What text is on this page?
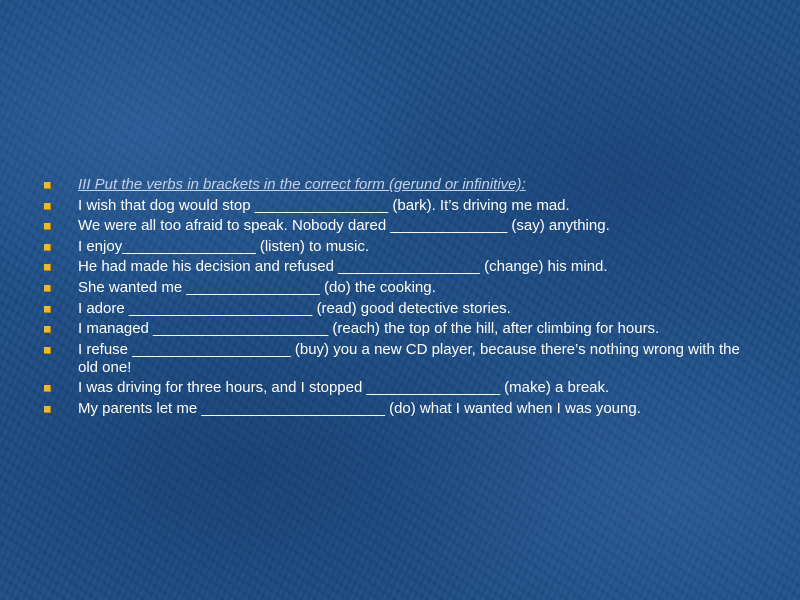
III Put the verbs in brackets in the correct form (gerund or infinitive):
I wish that dog would stop ________________ (bark). It’s driving me mad.
We were all too afraid to speak. Nobody dared ______________ (say) anything.
I enjoy________________ (listen) to music.
He had made his decision and refused _________________ (change) his mind.
She wanted me ________________ (do) the cooking.
I adore ______________________ (read) good detective stories.
I managed _____________________ (reach) the top of the hill, after climbing for hours.
I refuse ___________________ (buy) you a new CD player, because there’s nothing wrong with the old one!
I was driving for three hours, and I stopped ________________ (make) a break.
My parents let me ______________________ (do) what I wanted when I was young.
